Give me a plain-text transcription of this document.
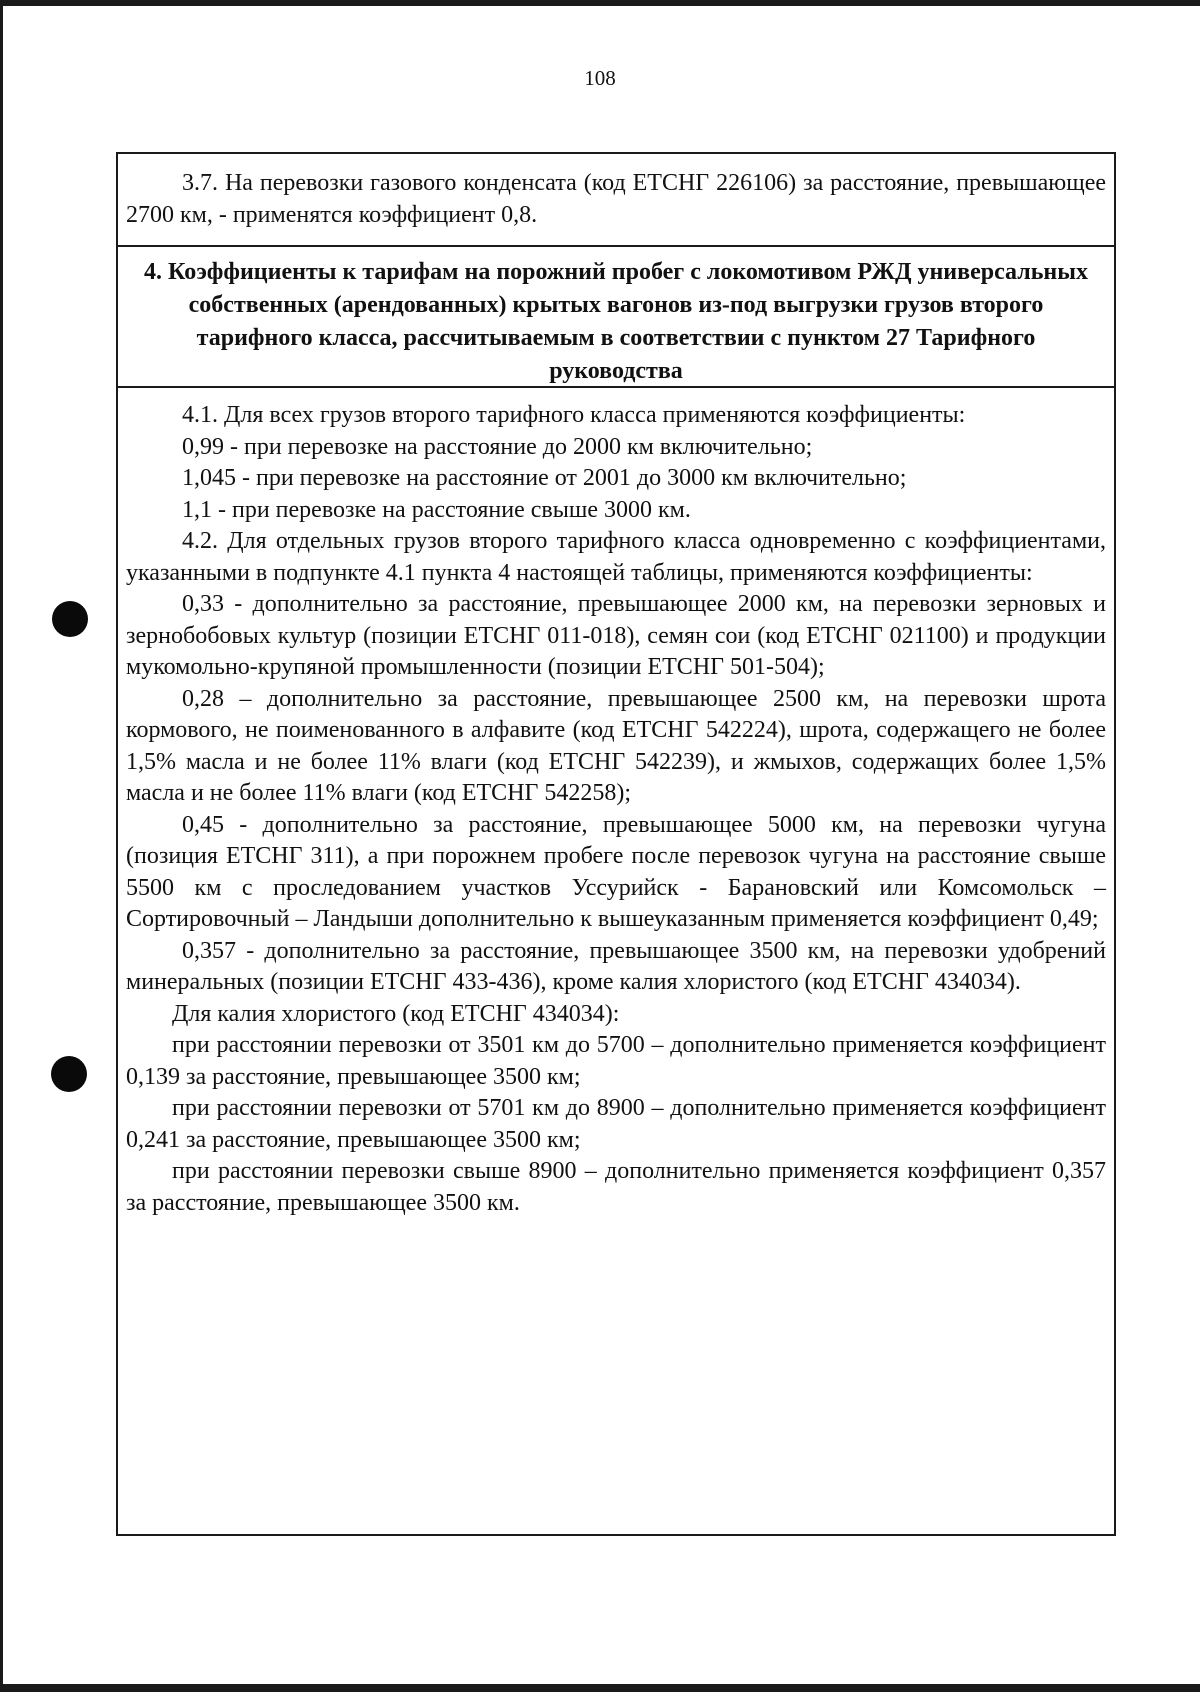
108

3.7. На перевозки газового конденсата (код ЕТСНГ 226106) за расстояние, превышающее 2700 км, - применятся коэффициент 0,8.

4. Коэффициенты к тарифам на порожний пробег с локомотивом РЖД универсальных собственных (арендованных) крытых вагонов из-под выгрузки грузов второго тарифного класса, рассчитываемым в соответствии с пунктом 27 Тарифного руководства

4.1. Для всех грузов второго тарифного класса применяются коэффициенты:

0,99 - при перевозке на расстояние до 2000 км включительно;

1,045 - при перевозке на расстояние от 2001 до 3000 км включительно;

1,1 - при перевозке на расстояние свыше 3000 км.

4.2. Для отдельных грузов второго тарифного класса одновременно с коэффициентами, указанными в подпункте 4.1 пункта 4 настоящей таблицы, применяются коэффициенты:

0,33 - дополнительно за расстояние, превышающее 2000 км, на перевозки зерновых и зернобобовых культур (позиции ЕТСНГ 011-018), семян сои (код ЕТСНГ 021100) и продукции мукомольно-крупяной промышленности (позиции ЕТСНГ 501-504);

0,28 – дополнительно за расстояние, превышающее 2500 км, на перевозки шрота кормового, не поименованного в алфавите (код ЕТСНГ 542224), шрота, содержащего не более 1,5% масла и не более 11% влаги (код ЕТСНГ 542239), и жмыхов, содержащих более 1,5% масла и не более 11% влаги (код ЕТСНГ 542258);

0,45 - дополнительно за расстояние, превышающее 5000 км, на перевозки чугуна (позиция ЕТСНГ 311), а при порожнем пробеге после перевозок чугуна на расстояние свыше 5500 км с проследованием участков Уссурийск - Барановский или Комсомольск – Сортировочный – Ландыши дополнительно к вышеуказанным применяется коэффициент 0,49;

0,357 - дополнительно за расстояние, превышающее 3500 км, на перевозки удобрений минеральных (позиции ЕТСНГ 433-436), кроме калия хлористого (код ЕТСНГ 434034).

Для калия хлористого (код ЕТСНГ 434034):

при расстоянии перевозки от 3501 км до 5700 – дополнительно применяется коэффициент 0,139 за расстояние, превышающее 3500 км;

при расстоянии перевозки от 5701 км до 8900 – дополнительно применяется коэффициент 0,241 за расстояние, превышающее 3500 км;

при расстоянии перевозки свыше 8900 – дополнительно применяется коэффициент 0,357 за расстояние, превышающее 3500 км.
